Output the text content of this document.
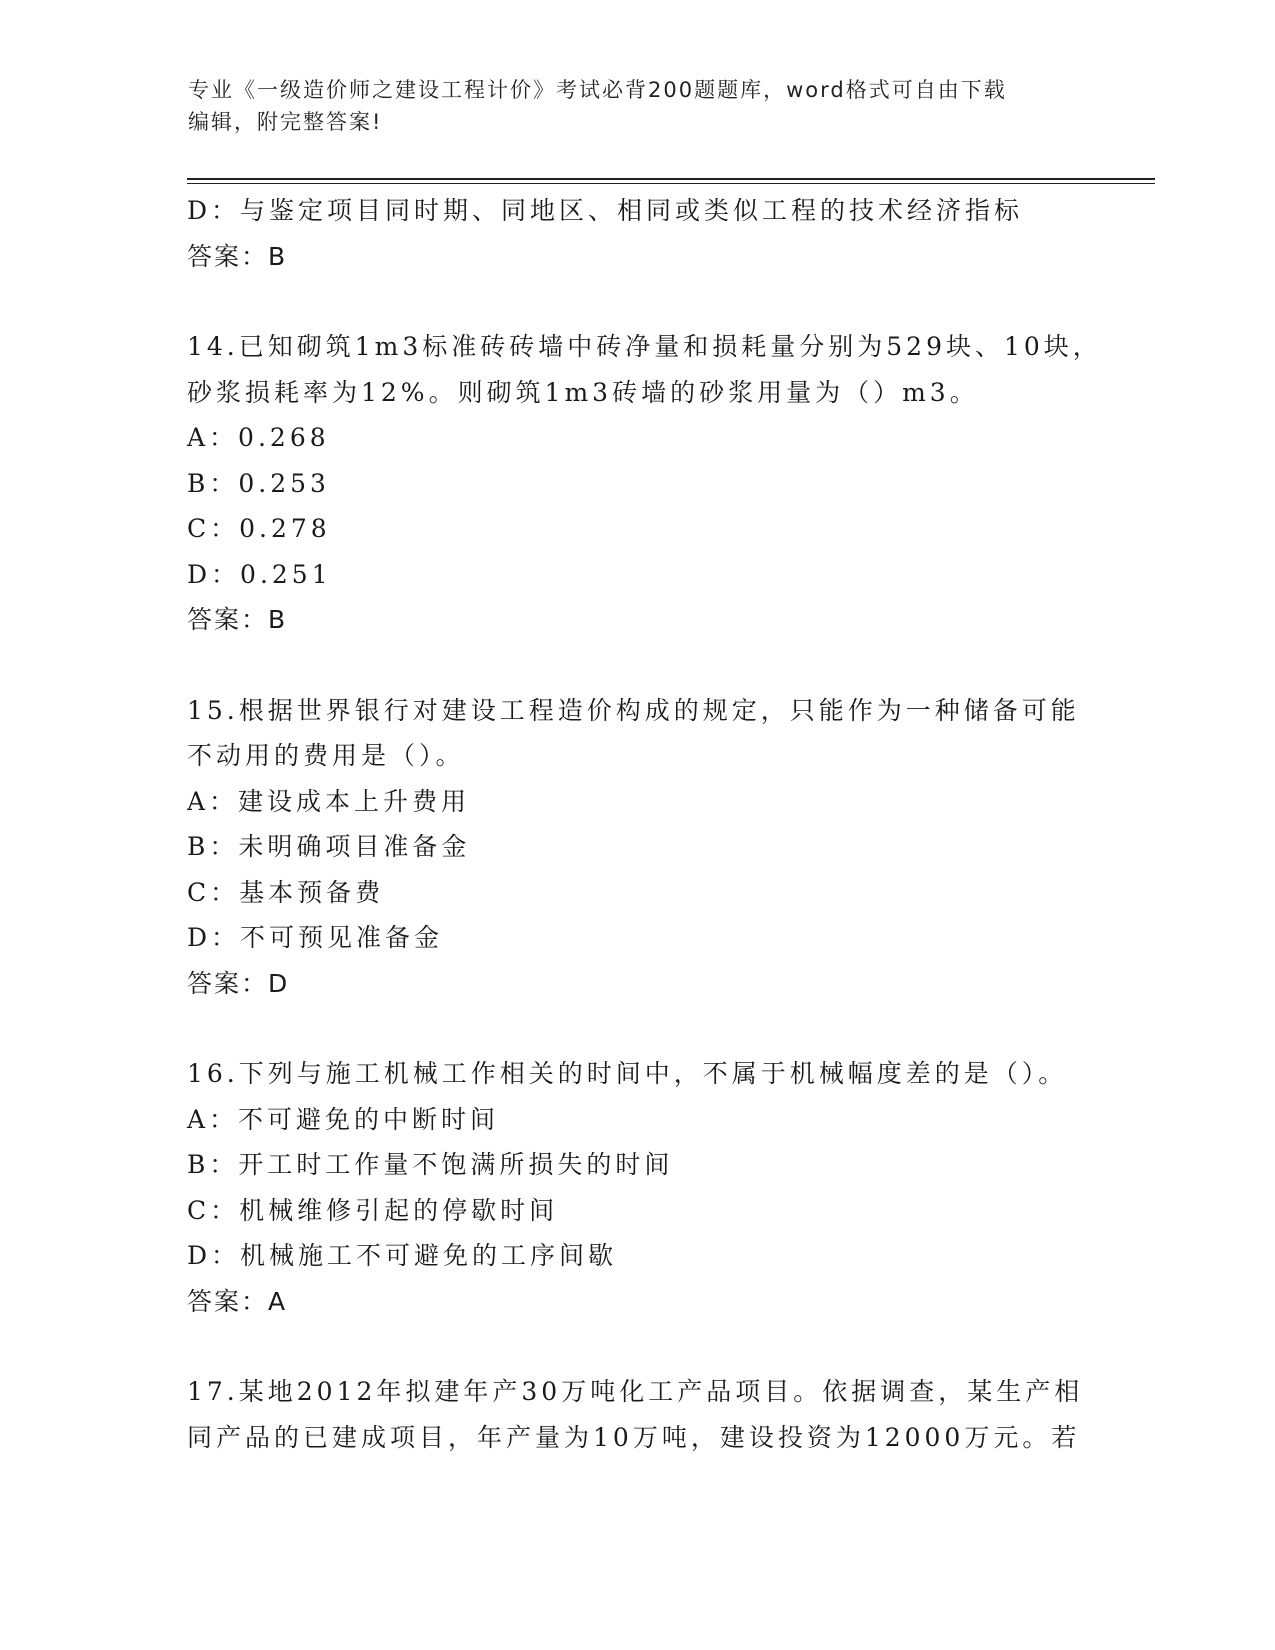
专业《一级造价师之建设工程计价》考试必背200题题库，word格式可自由下载
编辑，附完整答案!
D：与鉴定项目同时期、同地区、相同或类似工程的技术经济指标
答案：B
14.已知砌筑1m3标准砖砖墙中砖净量和损耗量分别为529块、10块，
砂浆损耗率为12%。则砌筑1m3砖墙的砂浆用量为（）m3。
A：0.268
B：0.253
C：0.278
D：0.251
答案：B
15.根据世界银行对建设工程造价构成的规定，只能作为一种储备可能
不动用的费用是（）。
A：建设成本上升费用
B：未明确项目准备金
C：基本预备费
D：不可预见准备金
答案：D
16.下列与施工机械工作相关的时间中，不属于机械幅度差的是（）。
A：不可避免的中断时间
B：开工时工作量不饱满所损失的时间
C：机械维修引起的停歇时间
D：机械施工不可避免的工序间歇
答案：A
17.某地2012年拟建年产30万吨化工产品项目。依据调查，某生产相
同产品的已建成项目，年产量为10万吨，建设投资为12000万元。若
